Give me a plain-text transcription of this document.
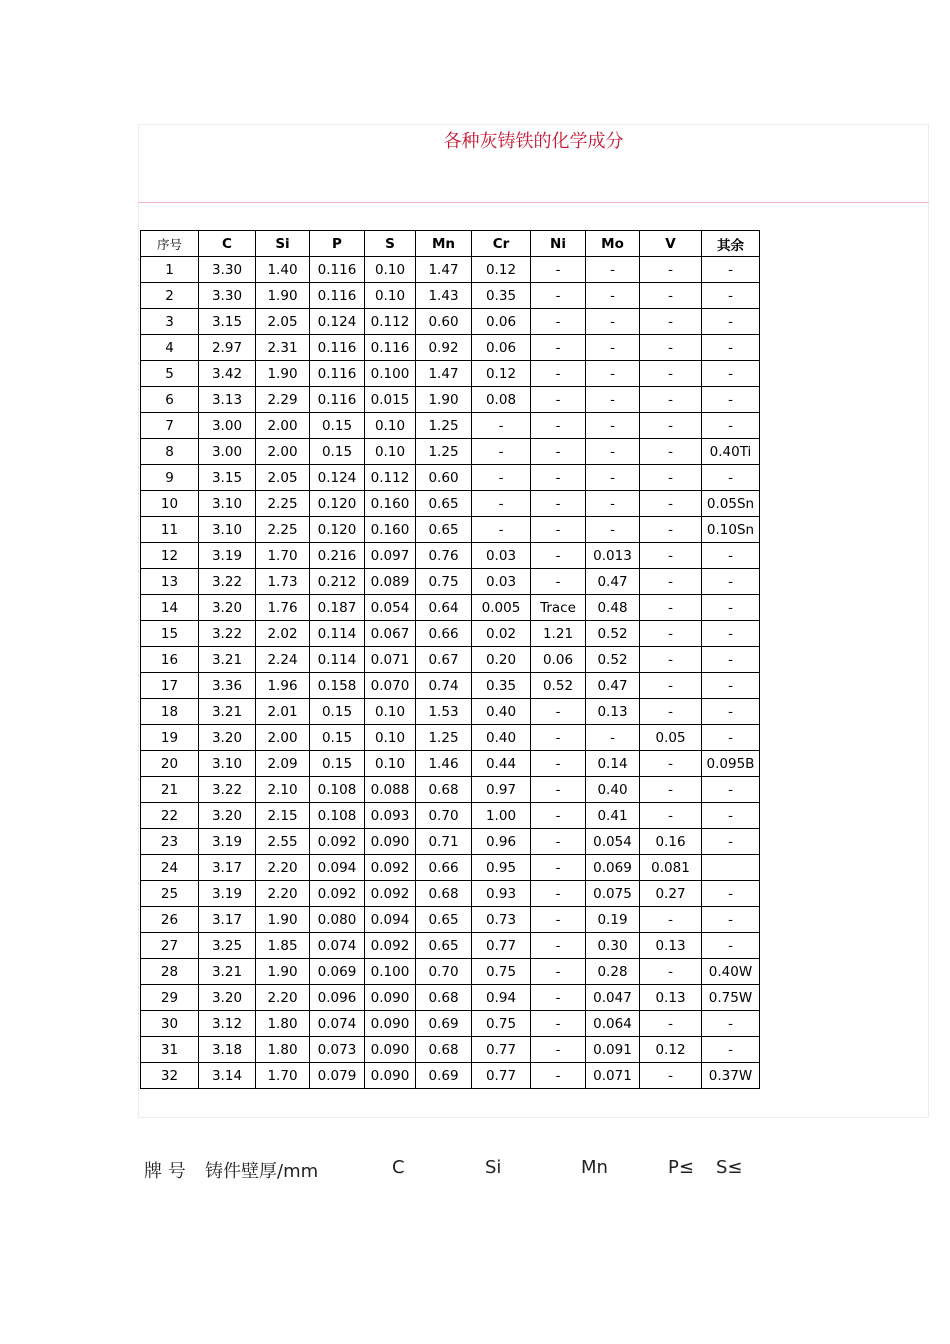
各种灰铸铁的化学成分
序号	C	Si	P	S	Mn	Cr	Ni	Mo	V	其余
1	3.30	1.40	0.116	0.10	1.47	0.12	-	-	-	-
2	3.30	1.90	0.116	0.10	1.43	0.35	-	-	-	-
3	3.15	2.05	0.124	0.112	0.60	0.06	-	-	-	-
4	2.97	2.31	0.116	0.116	0.92	0.06	-	-	-	-
5	3.42	1.90	0.116	0.100	1.47	0.12	-	-	-	-
6	3.13	2.29	0.116	0.015	1.90	0.08	-	-	-	-
7	3.00	2.00	0.15	0.10	1.25	-	-	-	-	-
8	3.00	2.00	0.15	0.10	1.25	-	-	-	-	0.40Ti
9	3.15	2.05	0.124	0.112	0.60	-	-	-	-	-
10	3.10	2.25	0.120	0.160	0.65	-	-	-	-	0.05Sn
11	3.10	2.25	0.120	0.160	0.65	-	-	-	-	0.10Sn
12	3.19	1.70	0.216	0.097	0.76	0.03	-	0.013	-	-
13	3.22	1.73	0.212	0.089	0.75	0.03	-	0.47	-	-
14	3.20	1.76	0.187	0.054	0.64	0.005	Trace	0.48	-	-
15	3.22	2.02	0.114	0.067	0.66	0.02	1.21	0.52	-	-
16	3.21	2.24	0.114	0.071	0.67	0.20	0.06	0.52	-	-
17	3.36	1.96	0.158	0.070	0.74	0.35	0.52	0.47	-	-
18	3.21	2.01	0.15	0.10	1.53	0.40	-	0.13	-	-
19	3.20	2.00	0.15	0.10	1.25	0.40	-	-	0.05	-
20	3.10	2.09	0.15	0.10	1.46	0.44	-	0.14	-	0.095B
21	3.22	2.10	0.108	0.088	0.68	0.97	-	0.40	-	-
22	3.20	2.15	0.108	0.093	0.70	1.00	-	0.41	-	-
23	3.19	2.55	0.092	0.090	0.71	0.96	-	0.054	0.16	-
24	3.17	2.20	0.094	0.092	0.66	0.95	-	0.069	0.081	
25	3.19	2.20	0.092	0.092	0.68	0.93	-	0.075	0.27	-
26	3.17	1.90	0.080	0.094	0.65	0.73	-	0.19	-	-
27	3.25	1.85	0.074	0.092	0.65	0.77	-	0.30	0.13	-
28	3.21	1.90	0.069	0.100	0.70	0.75	-	0.28	-	0.40W
29	3.20	2.20	0.096	0.090	0.68	0.94	-	0.047	0.13	0.75W
30	3.12	1.80	0.074	0.090	0.69	0.75	-	0.064	-	-
31	3.18	1.80	0.073	0.090	0.68	0.77	-	0.091	0.12	-
32	3.14	1.70	0.079	0.090	0.69	0.77	-	0.071	-	0.37W
牌 号 铸件壁厚/mm	C	Si	Mn	P≤ S≤
